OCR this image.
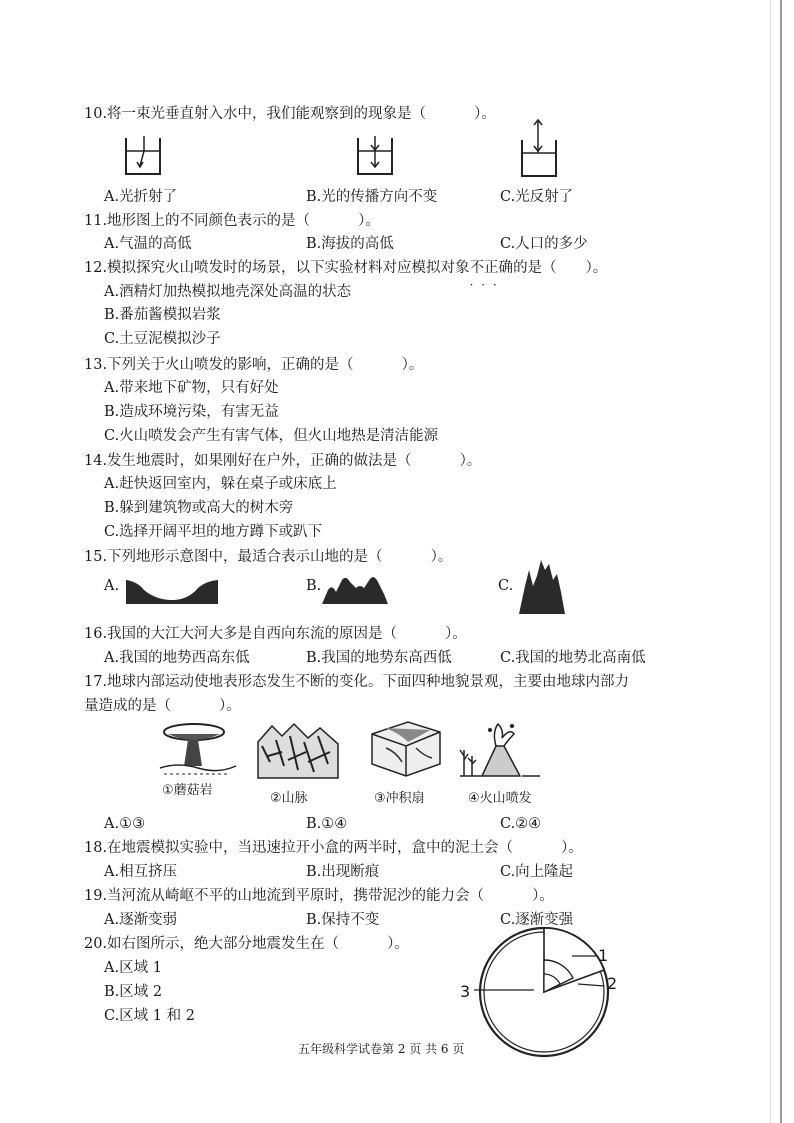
10.将一束光垂直射入水中，我们能观察到的现象是（	）。
A.光折射了	B.光的传播方向不变	C.光反射了
11.地形图上的不同颜色表示的是（	）。
A.气温的高低	B.海拔的高低	C.人口的多少
12.模拟探究火山喷发时的场景，以下实验材料对应模拟对象不正确 · · ·的是（　　）。
A.酒精灯加热模拟地壳深处高温的状态
B.番茄酱模拟岩浆
C.土豆泥模拟沙子
13.下列关于火山喷发的影响，正确的是（	）。
A.带来地下矿物，只有好处
B.造成环境污染，有害无益
C.火山喷发会产生有害气体，但火山地热是清洁能源
14.发生地震时，如果刚好在户外，正确的做法是（	）。
A.赶快返回室内，躲在桌子或床底上
B.躲到建筑物或高大的树木旁
C.选择开阔平坦的地方蹲下或趴下
15.下列地形示意图中，最适合表示山地的是（	）。
A.	B.	C.
16.我国的大江大河大多是自西向东流的原因是（	）。
A.我国的地势西高东低	B.我国的地势东高西低	C.我国的地势北高南低
17.地球内部运动使地表形态发生不断的变化。下面四种地貌景观，主要由地球内部力
量造成的是（	）。
①蘑菇岩
②山脉	③冲积扇	④火山喷发
A.①③	B.①④	C.②④
18.在地震模拟实验中，当迅速拉开小盒的两半时，盒中的泥土会（	）。
A.相互挤压	B.出现断痕	C.向上隆起
19.当河流从崎岖不平的山地流到平原时，携带泥沙的能力会（	）。
A.逐渐变弱	B.保持不变	C.逐渐变强
20.如右图所示，绝大部分地震发生在（	）。
A.区域 1
B.区域 2
C.区域 1 和 2
1
2
3
五年级科学试卷第 2 页 共 6 页
